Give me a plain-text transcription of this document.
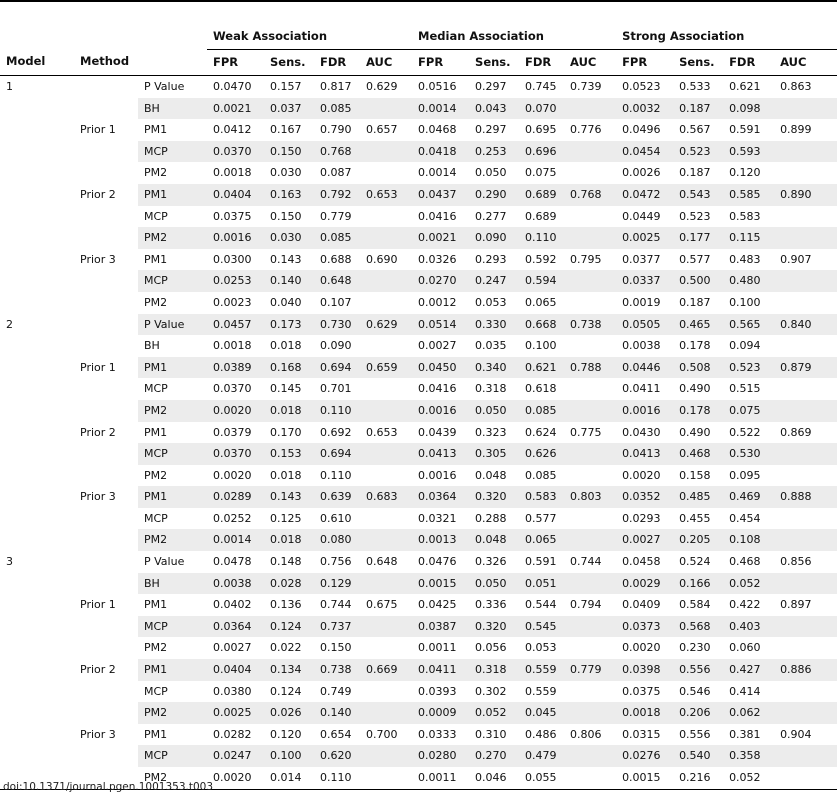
			Weak Association				Median Association				Strong Association			
Model	Method		FPR	Sens.	FDR	AUC	FPR	Sens.	FDR	AUC	FPR	Sens.	FDR	AUC
1		P Value	0.0470	0.157	0.817	0.629	0.0516	0.297	0.745	0.739	0.0523	0.533	0.621	0.863
		BH	0.0021	0.037	0.085		0.0014	0.043	0.070		0.0032	0.187	0.098	
	Prior 1	PM1	0.0412	0.167	0.790	0.657	0.0468	0.297	0.695	0.776	0.0496	0.567	0.591	0.899
		MCP	0.0370	0.150	0.768		0.0418	0.253	0.696		0.0454	0.523	0.593	
		PM2	0.0018	0.030	0.087		0.0014	0.050	0.075		0.0026	0.187	0.120	
	Prior 2	PM1	0.0404	0.163	0.792	0.653	0.0437	0.290	0.689	0.768	0.0472	0.543	0.585	0.890
		MCP	0.0375	0.150	0.779		0.0416	0.277	0.689		0.0449	0.523	0.583	
		PM2	0.0016	0.030	0.085		0.0021	0.090	0.110		0.0025	0.177	0.115	
	Prior 3	PM1	0.0300	0.143	0.688	0.690	0.0326	0.293	0.592	0.795	0.0377	0.577	0.483	0.907
		MCP	0.0253	0.140	0.648		0.0270	0.247	0.594		0.0337	0.500	0.480	
		PM2	0.0023	0.040	0.107		0.0012	0.053	0.065		0.0019	0.187	0.100	
2		P Value	0.0457	0.173	0.730	0.629	0.0514	0.330	0.668	0.738	0.0505	0.465	0.565	0.840
		BH	0.0018	0.018	0.090		0.0027	0.035	0.100		0.0038	0.178	0.094	
	Prior 1	PM1	0.0389	0.168	0.694	0.659	0.0450	0.340	0.621	0.788	0.0446	0.508	0.523	0.879
		MCP	0.0370	0.145	0.701		0.0416	0.318	0.618		0.0411	0.490	0.515	
		PM2	0.0020	0.018	0.110		0.0016	0.050	0.085		0.0016	0.178	0.075	
	Prior 2	PM1	0.0379	0.170	0.692	0.653	0.0439	0.323	0.624	0.775	0.0430	0.490	0.522	0.869
		MCP	0.0370	0.153	0.694		0.0413	0.305	0.626		0.0413	0.468	0.530	
		PM2	0.0020	0.018	0.110		0.0016	0.048	0.085		0.0020	0.158	0.095	
	Prior 3	PM1	0.0289	0.143	0.639	0.683	0.0364	0.320	0.583	0.803	0.0352	0.485	0.469	0.888
		MCP	0.0252	0.125	0.610		0.0321	0.288	0.577		0.0293	0.455	0.454	
		PM2	0.0014	0.018	0.080		0.0013	0.048	0.065		0.0027	0.205	0.108	
3		P Value	0.0478	0.148	0.756	0.648	0.0476	0.326	0.591	0.744	0.0458	0.524	0.468	0.856
		BH	0.0038	0.028	0.129		0.0015	0.050	0.051		0.0029	0.166	0.052	
	Prior 1	PM1	0.0402	0.136	0.744	0.675	0.0425	0.336	0.544	0.794	0.0409	0.584	0.422	0.897
		MCP	0.0364	0.124	0.737		0.0387	0.320	0.545		0.0373	0.568	0.403	
		PM2	0.0027	0.022	0.150		0.0011	0.056	0.053		0.0020	0.230	0.060	
	Prior 2	PM1	0.0404	0.134	0.738	0.669	0.0411	0.318	0.559	0.779	0.0398	0.556	0.427	0.886
		MCP	0.0380	0.124	0.749		0.0393	0.302	0.559		0.0375	0.546	0.414	
		PM2	0.0025	0.026	0.140		0.0009	0.052	0.045		0.0018	0.206	0.062	
	Prior 3	PM1	0.0282	0.120	0.654	0.700	0.0333	0.310	0.486	0.806	0.0315	0.556	0.381	0.904
		MCP	0.0247	0.100	0.620		0.0280	0.270	0.479		0.0276	0.540	0.358	
		PM2	0.0020	0.014	0.110		0.0011	0.046	0.055		0.0015	0.216	0.052	
doi:10.1371/journal.pgen.1001353.t003
